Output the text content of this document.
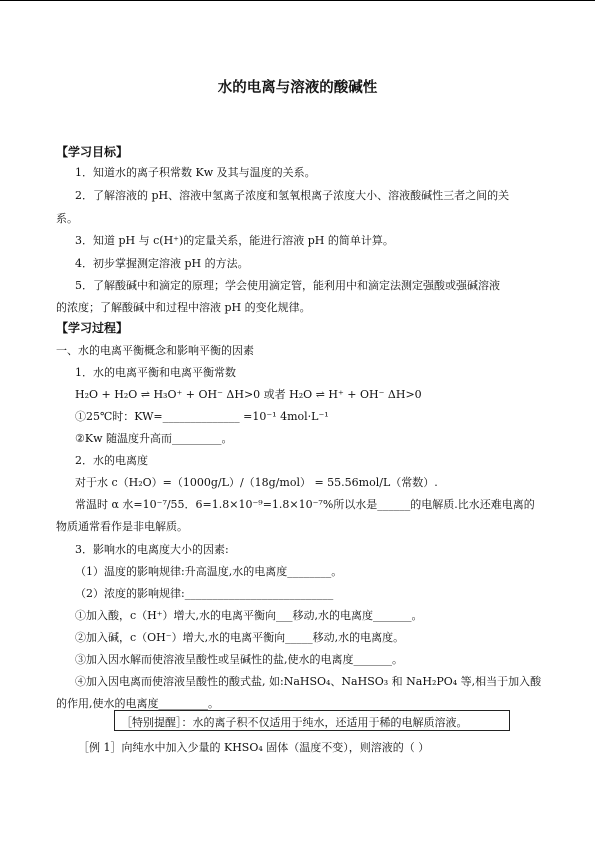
水的电离与溶液的酸碱性
【学习目标】
1．知道水的离子积常数 Kw 及其与温度的关系。
2．了解溶液的 pH、溶液中氢离子浓度和氢氧根离子浓度大小、溶液酸碱性三者之间的关
系。
3．知道 pH 与 c(H⁺)的定量关系，能进行溶液 pH 的简单计算。
4．初步掌握测定溶液 pH 的方法。
5．了解酸碱中和滴定的原理；学会使用滴定管，能利用中和滴定法测定强酸或强碱溶液
的浓度；了解酸碱中和过程中溶液 pH 的变化规律。
【学习过程】
一、水的电离平衡概念和影响平衡的因素
1．水的电离平衡和电离平衡常数
H₂O + H₂O ⇌ H₃O⁺ + OH⁻ ΔH>0 或者 H₂O ⇌ H⁺ + OH⁻ ΔH>0
①25℃时：KW=______________ =10⁻¹ 4mol·L⁻¹
②Kw 随温度升高而_________。
2．水的电离度
对于水 c（H₂O）=（1000g/L）/（18g/mol） = 55.56mol/L（常数）.
常温时 α 水=10⁻⁷/55．6=1.8×10⁻⁹=1.8×10⁻⁷%所以水是______的电解质.比水还难电离的
物质通常看作是非电解质。
3．影响水的电离度大小的因素:
（1）温度的影响规律:升高温度,水的电离度________。
（2）浓度的影响规律:___________________________
①加入酸，c（H⁺）增大,水的电离平衡向___移动,水的电离度_______。
②加入碱，c（OH⁻）增大,水的电离平衡向_____移动,水的电离度。
③加入因水解而使溶液呈酸性或呈碱性的盐,使水的电离度_______。
④加入因电离而使溶液呈酸性的酸式盐, 如:NaHSO₄、NaHSO₃ 和 NaH₂PO₄ 等,相当于加入酸
的作用,使水的电离度_________。
［特别提醒］：水的离子积不仅适用于纯水，还适用于稀的电解质溶液。
［例 1］向纯水中加入少量的 KHSO₄ 固体（温度不变），则溶液的（ ）
